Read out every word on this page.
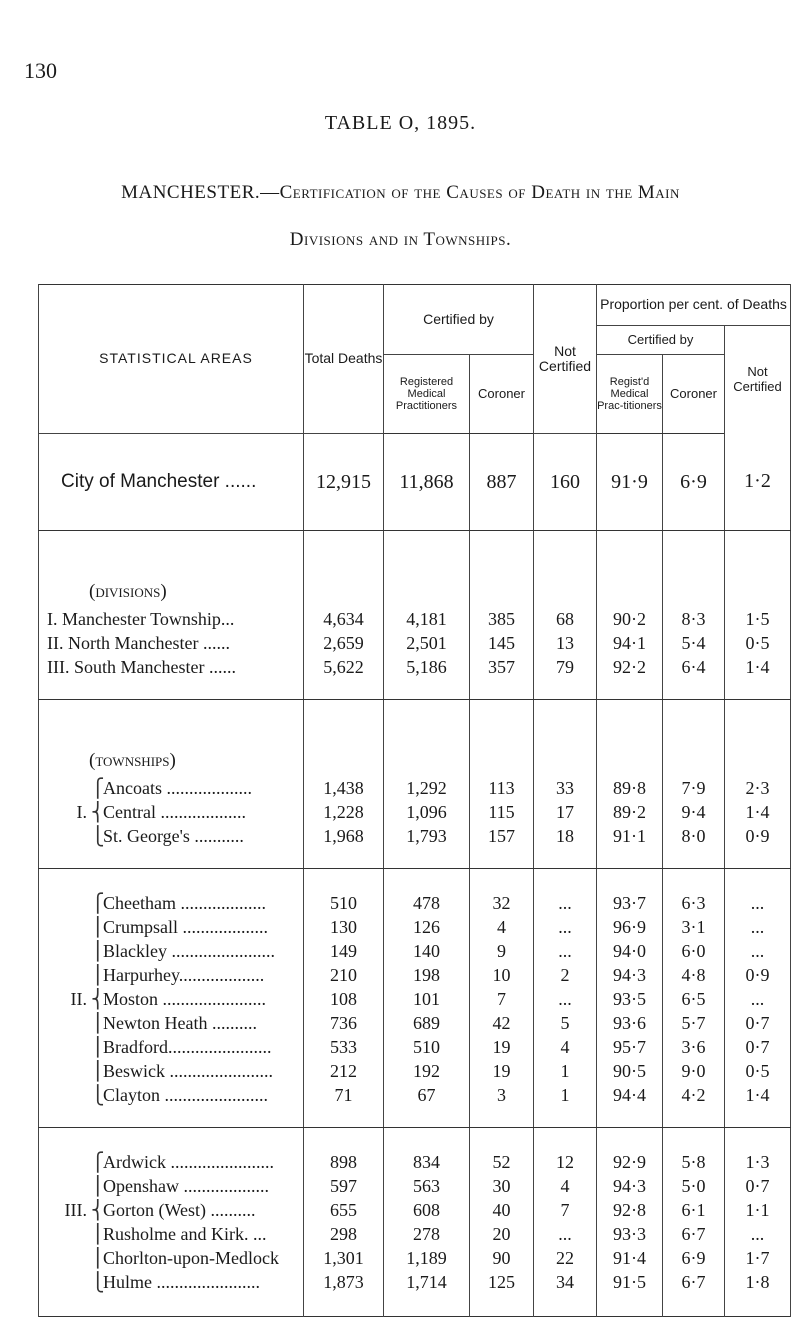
130
TABLE O, 1895.
MANCHESTER.—Certification of the Causes of Death in the Main
Divisions and in Townships.
STATISTICAL AREAS	Total Deaths	Certified by		Not Certified	Proportion per cent. of Deaths		
					Certified by		Not Certified
		Registered Medical Practitioners	Coroner		Regist'd Medical Prac-titioners	Coroner	
City of Manchester ......	12,915	11,868	887	160	91·9	6·9	1·2
(divisions)							
I. Manchester Township...	4,634	4,181	385	68	90·2	8·3	1·5
II. North Manchester ......	2,659	2,501	145	13	94·1	5·4	0·5
III. South Manchester ......	5,622	5,186	357	79	92·2	6·4	1·4

(townships)							
⎧Ancoats ...................	1,438	1,292	113	33	89·8	7·9	2·3
I. ⎨Central ...................	1,228	1,096	115	17	89·2	9·4	1·4
⎩St. George's ...........	1,968	1,793	157	18	91·1	8·0	0·9

⎧Cheetham ...................	510	478	32	...	93·7	6·3	...
⎪Crumpsall ...................	130	126	4	...	96·9	3·1	...
⎪Blackley .......................	149	140	9	...	94·0	6·0	...
⎪Harpurhey...................	210	198	10	2	94·3	4·8	0·9
II. ⎨Moston .......................	108	101	7	...	93·5	6·5	...
⎪Newton Heath ..........	736	689	42	5	93·6	5·7	0·7
⎪Bradford.......................	533	510	19	4	95·7	3·6	0·7
⎪Beswick .......................	212	192	19	1	90·5	9·0	0·5
⎩Clayton .......................	71	67	3	1	94·4	4·2	1·4

⎧Ardwick .......................	898	834	52	12	92·9	5·8	1·3
⎪Openshaw ...................	597	563	30	4	94·3	5·0	0·7
III. ⎨Gorton (West) ..........	655	608	40	7	92·8	6·1	1·1
⎪Rusholme and Kirk. ...	298	278	20	...	93·3	6·7	...
⎪Chorlton-upon-Medlock	1,301	1,189	90	22	91·4	6·9	1·7
⎩Hulme .......................	1,873	1,714	125	34	91·5	6·7	1·8
